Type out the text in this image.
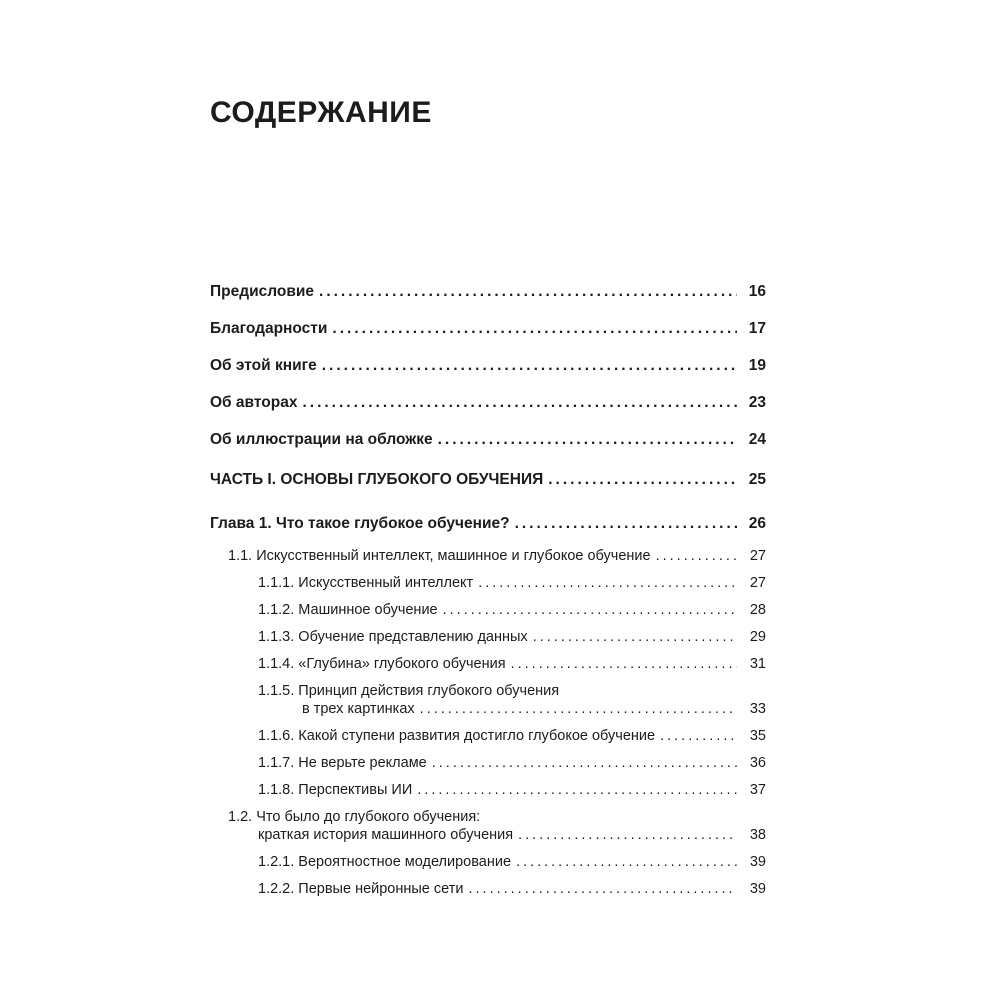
СОДЕРЖАНИЕ
Предисловие .....	16
Благодарности .....	17
Об этой книге .....	19
Об авторах .....	23
Об иллюстрации на обложке .....	24
ЧАСТЬ I. ОСНОВЫ ГЛУБОКОГО ОБУЧЕНИЯ .....	25
Глава 1. Что такое глубокое обучение? .....	26
1.1. Искусственный интеллект, машинное и глубокое обучение .....	27
1.1.1. Искусственный интеллект .....	27
1.1.2. Машинное обучение .....	28
1.1.3. Обучение представлению данных .....	29
1.1.4. «Глубина» глубокого обучения .....	31
1.1.5. Принцип действия глубокого обучения
в трех картинках .....	33
1.1.6. Какой ступени развития достигло глубокое обучение .....	35
1.1.7. Не верьте рекламе .....	36
1.1.8. Перспективы ИИ .....	37
1.2. Что было до глубокого обучения:
краткая история машинного обучения .....	38
1.2.1. Вероятностное моделирование .....	39
1.2.2. Первые нейронные сети .....	39
